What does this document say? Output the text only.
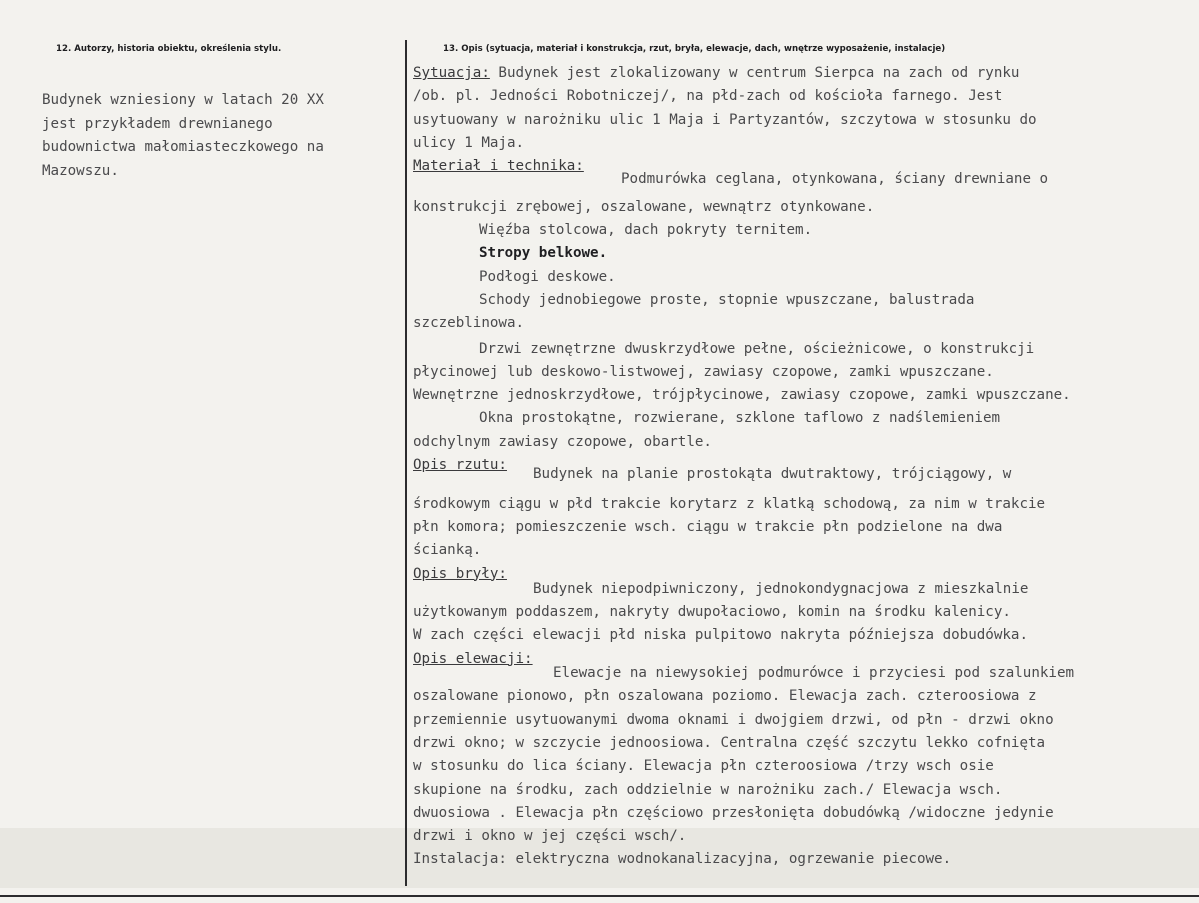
12. Autorzy, historia obiektu, określenia stylu.	13. Opis (sytuacja, materiał i konstrukcja, rzut, bryła, elewacje, dach, wnętrze wyposażenie, instalacje)
Budynek wzniesiony w latach 20 XX
jest przykładem drewnianego
budownictwa małomiasteczkowego na
Mazowszu.
Sytuacja: Budynek jest zlokalizowany w centrum Sierpca na zach od rynku
/ob. pl. Jedności Robotniczej/, na płd-zach od kościoła farnego. Jest
usytuowany w narożniku ulic 1 Maja i Partyzantów, szczytowa w stosunku do
ulicy 1 Maja.
Materiał i technika:
Podmurówka ceglana, otynkowana, ściany drewniane o
konstrukcji zrębowej, oszalowane, wewnątrz otynkowane.
Więźba stolcowa, dach pokryty ternitem.
Stropy belkowe.
Podłogi deskowe.
Schody jednobiegowe proste, stopnie wpuszczane, balustrada
szczeblinowa.
Drzwi zewnętrzne dwuskrzydłowe pełne, ościeżnicowe, o konstrukcji
płycinowej lub deskowo-listwowej, zawiasy czopowe, zamki wpuszczane.
Wewnętrzne jednoskrzydłowe, trójpłycinowe, zawiasy czopowe, zamki wpuszczane.
Okna prostokątne, rozwierane, szklone taflowo z nadślemieniem
odchylnym zawiasy czopowe, obartle.
Opis rzutu:
Budynek na planie prostokąta dwutraktowy, trójciągowy, w
środkowym ciągu w płd trakcie korytarz z klatką schodową, za nim w trakcie
płn komora; pomieszczenie wsch. ciągu w trakcie płn podzielone na dwa
ścianką.
Opis bryły:
Budynek niepodpiwniczony, jednokondygnacjowa z mieszkalnie
użytkowanym poddaszem, nakryty dwupołaciowo, komin na środku kalenicy.
W zach części elewacji płd niska pulpitowo nakryta późniejsza dobudówka.
Opis elewacji:
Elewacje na niewysokiej podmurówce i przyciesi pod szalunkiem
oszalowane pionowo, płn oszalowana poziomo. Elewacja zach. czteroosiowa z
przemiennie usytuowanymi dwoma oknami i dwojgiem drzwi, od płn - drzwi okno
drzwi okno; w szczycie jednoosiowa. Centralna część szczytu lekko cofnięta
w stosunku do lica ściany. Elewacja płn czteroosiowa /trzy wsch osie
skupione na środku, zach oddzielnie w narożniku zach./ Elewacja wsch.
dwuosiowa . Elewacja płn częściowo przesłonięta dobudówką /widoczne jedynie
drzwi i okno w jej części wsch/.
Instalacja: elektryczna wodnokanalizacyjna, ogrzewanie piecowe.
